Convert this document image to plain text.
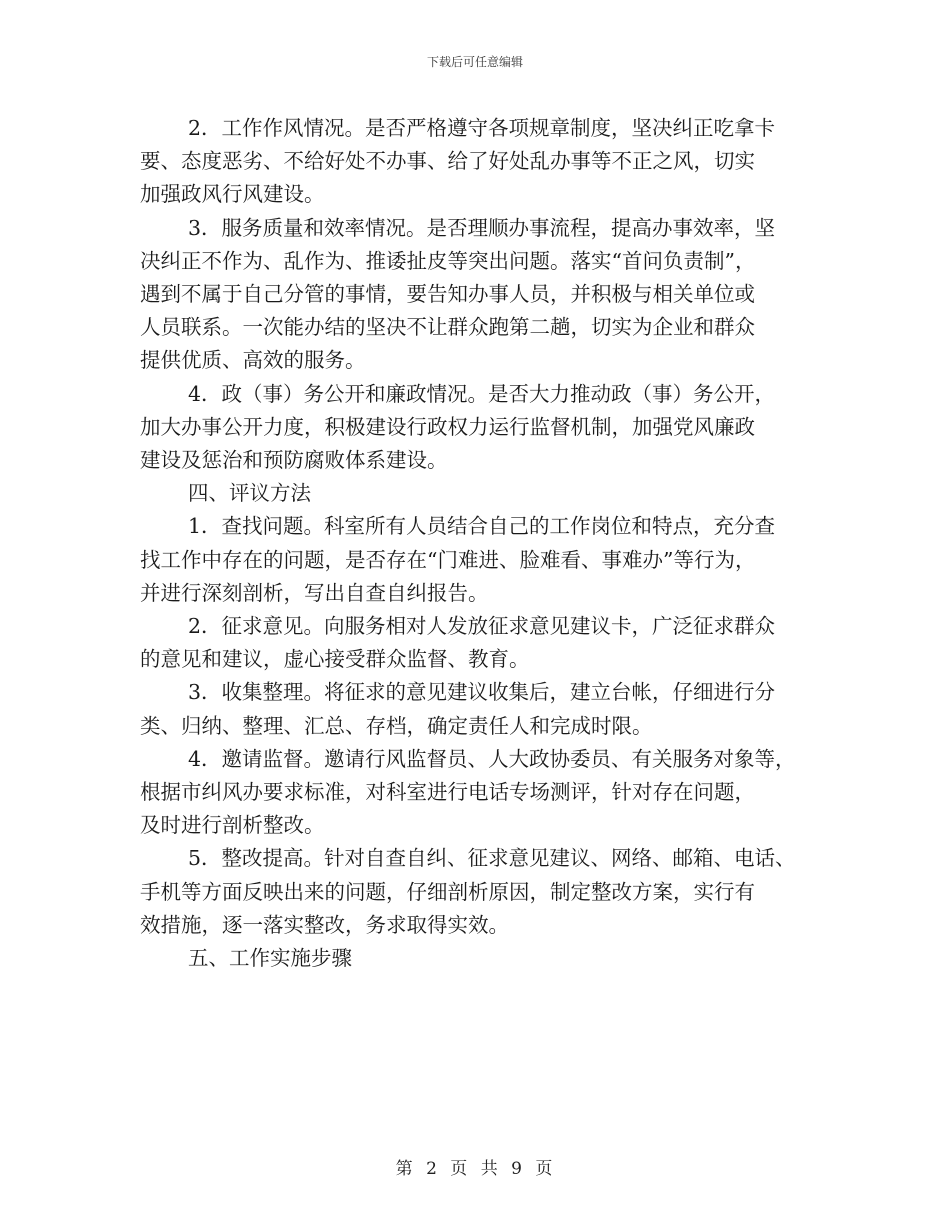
下载后可任意编辑

2．工作作风情况。是否严格遵守各项规章制度，坚决纠正吃拿卡
要、态度恶劣、不给好处不办事、给了好处乱办事等不正之风，切实
加强政风行风建设。

3．服务质量和效率情况。是否理顺办事流程，提高办事效率，坚
决纠正不作为、乱作为、推诿扯皮等突出问题。落实“首问负责制”，
遇到不属于自己分管的事情，要告知办事人员，并积极与相关单位或
人员联系。一次能办结的坚决不让群众跑第二趟，切实为企业和群众
提供优质、高效的服务。

4．政（事）务公开和廉政情况。是否大力推动政（事）务公开，
加大办事公开力度，积极建设行政权力运行监督机制，加强党风廉政
建设及惩治和预防腐败体系建设。

四、评议方法

1．查找问题。科室所有人员结合自己的工作岗位和特点，充分查
找工作中存在的问题，是否存在“门难进、脸难看、事难办”等行为，
并进行深刻剖析，写出自查自纠报告。

2．征求意见。向服务相对人发放征求意见建议卡，广泛征求群众
的意见和建议，虚心接受群众监督、教育。

3．收集整理。将征求的意见建议收集后，建立台帐，仔细进行分
类、归纳、整理、汇总、存档，确定责任人和完成时限。

4．邀请监督。邀请行风监督员、人大政协委员、有关服务对象等，
根据市纠风办要求标准，对科室进行电话专场测评，针对存在问题，
及时进行剖析整改。

5．整改提高。针对自查自纠、征求意见建议、网络、邮箱、电话、
手机等方面反映出来的问题，仔细剖析原因，制定整改方案，实行有
效措施，逐一落实整改，务求取得实效。

五、工作实施步骤

第 2 页 共 9 页
